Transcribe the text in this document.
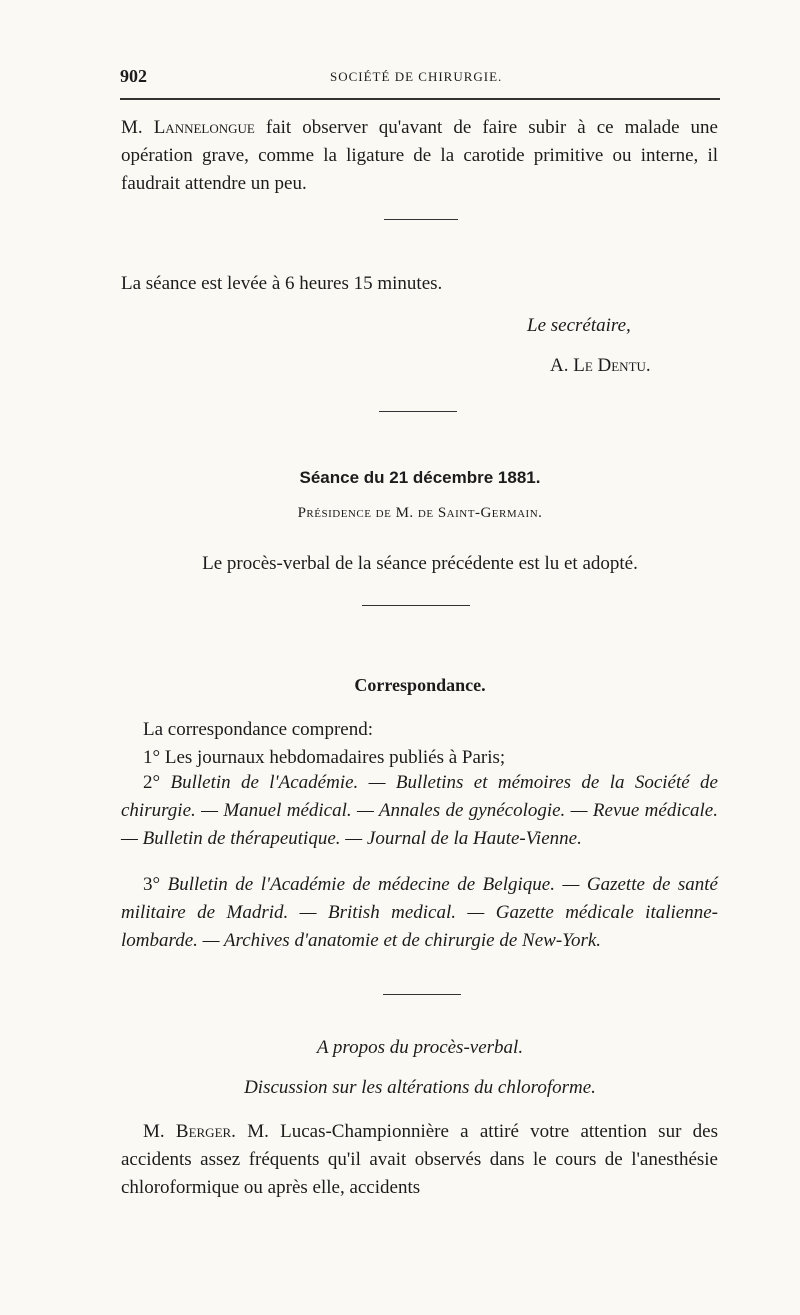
902	SOCIÉTÉ DE CHIRURGIE.

M. Lannelongue fait observer qu'avant de faire subir à ce malade une opération grave, comme la ligature de la carotide primitive ou interne, il faudrait attendre un peu.

La séance est levée à 6 heures 15 minutes.

Le secrétaire,
A. Le Dentu.
Séance du 21 décembre 1881.
Présidence de M. de Saint-Germain.

Le procès-verbal de la séance précédente est lu et adopté.

Correspondance.

La correspondance comprend:

1° Les journaux hebdomadaires publiés à Paris;

2° Bulletin de l'Académie. — Bulletins et mémoires de la Société de chirurgie. — Manuel médical. — Annales de gynécologie. — Revue médicale. — Bulletin de thérapeutique. — Journal de la Haute-Vienne.

3° Bulletin de l'Académie de médecine de Belgique. — Gazette de santé militaire de Madrid. — British medical. — Gazette médicale italienne-lombarde. — Archives d'anatomie et de chirurgie de New-York.

A propos du procès-verbal.
Discussion sur les altérations du chloroforme.

M. Berger. M. Lucas-Championnière a attiré votre attention sur des accidents assez fréquents qu'il avait observés dans le cours de l'anesthésie chloroformique ou après elle, accidents
